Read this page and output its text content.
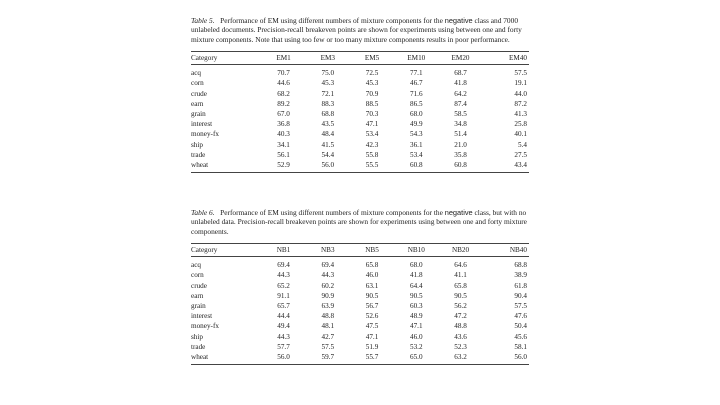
Table 5. Performance of EM using different numbers of mixture components for the negative class and 7000 unlabeled documents. Precision-recall breakeven points are shown for experiments using between one and forty mixture components. Note that using too few or too many mixture components results in poor performance.

Category	EM1	EM3	EM5	EM10	EM20	EM40
acq	70.7	75.0	72.5	77.1	68.7	57.5
corn	44.6	45.3	45.3	46.7	41.8	19.1
crude	68.2	72.1	70.9	71.6	64.2	44.0
earn	89.2	88.3	88.5	86.5	87.4	87.2
grain	67.0	68.8	70.3	68.0	58.5	41.3
interest	36.8	43.5	47.1	49.9	34.8	25.8
money-fx	40.3	48.4	53.4	54.3	51.4	40.1
ship	34.1	41.5	42.3	36.1	21.0	5.4
trade	56.1	54.4	55.8	53.4	35.8	27.5
wheat	52.9	56.0	55.5	60.8	60.8	43.4

Table 6. Performance of EM using different numbers of mixture components for the negative class, but with no unlabeled data. Precision-recall breakeven points are shown for experiments using between one and forty mixture components.

Category	NB1	NB3	NB5	NB10	NB20	NB40
acq	69.4	69.4	65.8	68.0	64.6	68.8
corn	44.3	44.3	46.0	41.8	41.1	38.9
crude	65.2	60.2	63.1	64.4	65.8	61.8
earn	91.1	90.9	90.5	90.5	90.5	90.4
grain	65.7	63.9	56.7	60.3	56.2	57.5
interest	44.4	48.8	52.6	48.9	47.2	47.6
money-fx	49.4	48.1	47.5	47.1	48.8	50.4
ship	44.3	42.7	47.1	46.0	43.6	45.6
trade	57.7	57.5	51.9	53.2	52.3	58.1
wheat	56.0	59.7	55.7	65.0	63.2	56.0
